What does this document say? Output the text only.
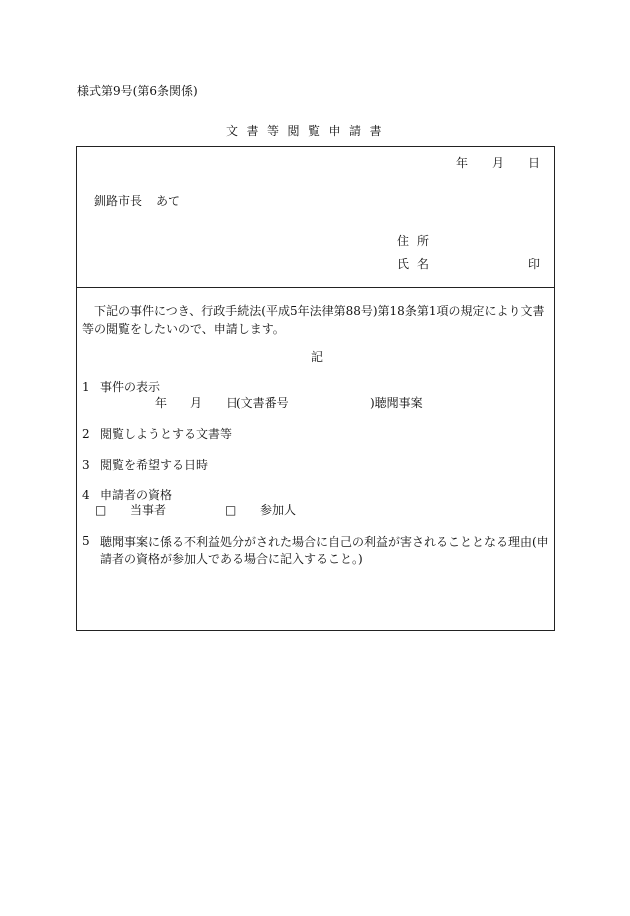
様式第9号(第6条関係)
文書等閲覧申請書
年 月 日
釧路市長 あて
住所
氏名	印
下記の事件につき、行政手続法(平成5年法律第88号)第18条第1項の規定により文書等の閲覧をしたいので、申請します。
記
1 事件の表示
年 月 日
(文書番号	)聴聞事案
2 閲覧しようとする文書等
3 閲覧を希望する日時
4 申請者の資格
□ 当事者	□ 参加人
5 聴聞事案に係る不利益処分がされた場合に自己の利益が害されることとなる理由(申請者の資格が参加人である場合に記入すること。)
